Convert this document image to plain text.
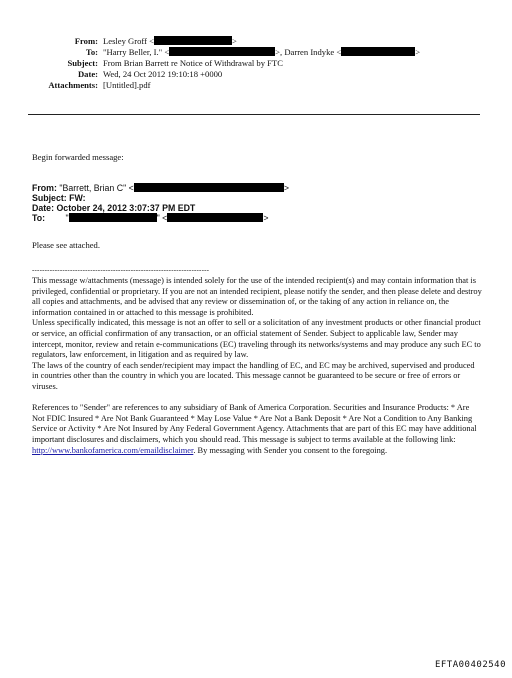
From: Lesley Groff <	>
To: "Harry Beller, I." <	>, Darren Indyke <	>
Subject: From Brian Barrett re Notice of Withdrawal by FTC
Date: Wed, 24 Oct 2012 19:10:18 +0000
Attachments: [Untitled].pdf
Begin forwarded message:
From: "Barrett, Brian C" <	>
Subject: FW:
Date: October 24, 2012 3:07:37 PM EDT
To: "	" <	>
Please see attached.
----------------------------------------------------------------------

This message w/attachments (message) is intended solely for the use of the intended recipient(s) and may contain information that is privileged, confidential or proprietary. If you are not an intended recipient, please notify the sender, and then please delete and destroy all copies and attachments, and be advised that any review or dissemination of, or the taking of any action in reliance on, the information contained in or attached to this message is prohibited.

Unless specifically indicated, this message is not an offer to sell or a solicitation of any investment products or other financial product or service, an official confirmation of any transaction, or an official statement of Sender. Subject to applicable law, Sender may intercept, monitor, review and retain e-communications (EC) traveling through its networks/systems and may produce any such EC to regulators, law enforcement, in litigation and as required by law.

The laws of the country of each sender/recipient may impact the handling of EC, and EC may be archived, supervised and produced in countries other than the country in which you are located. This message cannot be guaranteed to be secure or free of errors or viruses.

References to "Sender" are references to any subsidiary of Bank of America Corporation. Securities and Insurance Products: * Are Not FDIC Insured * Are Not Bank Guaranteed * May Lose Value * Are Not a Bank Deposit * Are Not a Condition to Any Banking Service or Activity * Are Not Insured by Any Federal Government Agency. Attachments that are part of this EC may have additional important disclosures and disclaimers, which you should read. This message is subject to terms available at the following link: http://www.bankofamerica.com/emaildisclaimer. By messaging with Sender you consent to the foregoing.

EFTA00402540
